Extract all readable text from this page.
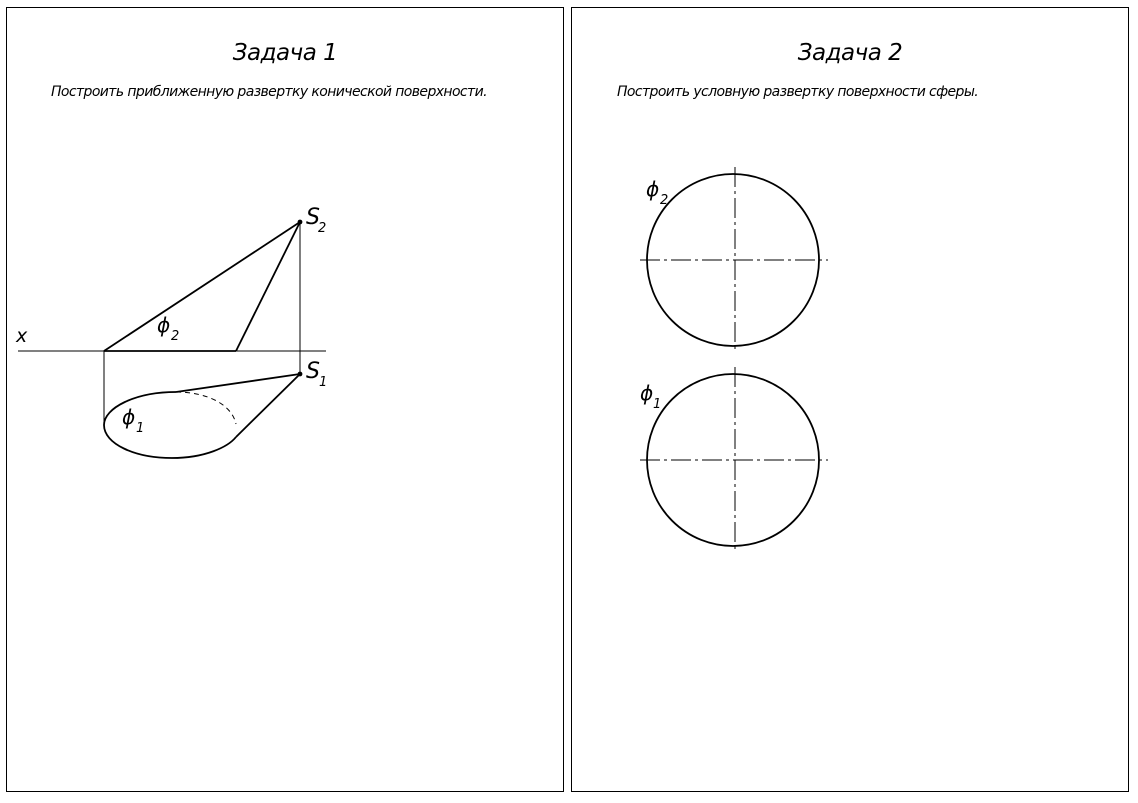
Задача 1
Построить приближенную развертку конической поверхности.
Задача 2
Построить условную развертку поверхности сферы.
x
S
2
S 1
ϕ 2
ϕ 1
ϕ 2
ϕ 1
